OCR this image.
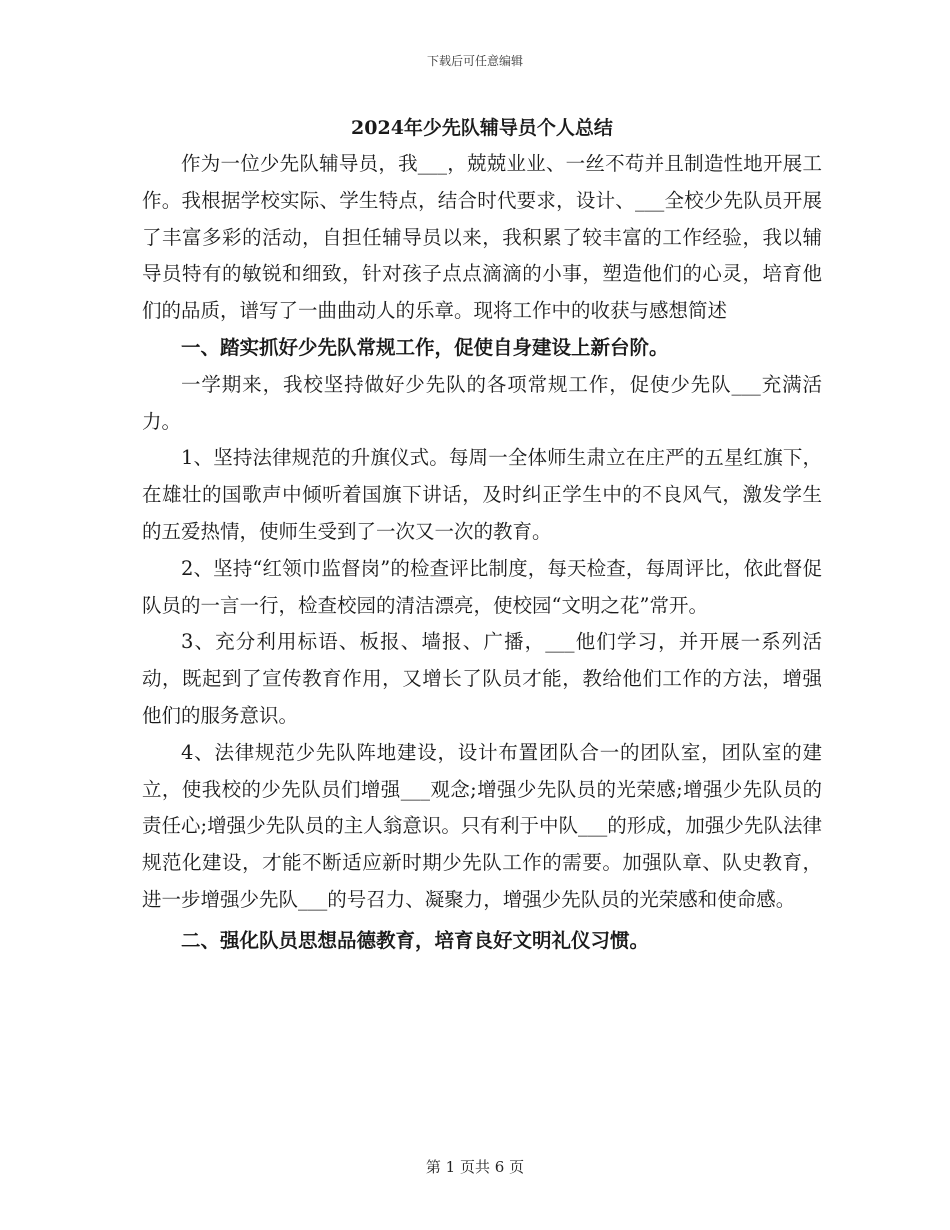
下载后可任意编辑
2024年少先队辅导员个人总结

作为一位少先队辅导员，我___，兢兢业业、一丝不苟并且制造性地开展工作。我根据学校实际、学生特点，结合时代要求，设计、___全校少先队员开展了丰富多彩的活动，自担任辅导员以来，我积累了较丰富的工作经验，我以辅导员特有的敏锐和细致，针对孩子点点滴滴的小事，塑造他们的心灵，培育他们的品质，谱写了一曲曲动人的乐章。现将工作中的收获与感想简述

一、踏实抓好少先队常规工作，促使自身建设上新台阶。

一学期来，我校坚持做好少先队的各项常规工作，促使少先队___充满活力。

1、坚持法律规范的升旗仪式。每周一全体师生肃立在庄严的五星红旗下，在雄壮的国歌声中倾听着国旗下讲话，及时纠正学生中的不良风气，激发学生的五爱热情，使师生受到了一次又一次的教育。

2、坚持“红领巾监督岗”的检查评比制度，每天检查，每周评比，依此督促队员的一言一行，检查校园的清洁漂亮，使校园“文明之花”常开。

3、充分利用标语、板报、墙报、广播，___他们学习，并开展一系列活动，既起到了宣传教育作用，又增长了队员才能，教给他们工作的方法，增强他们的服务意识。

4、法律规范少先队阵地建设，设计布置团队合一的团队室，团队室的建立，使我校的少先队员们增强___观念;增强少先队员的光荣感;增强少先队员的责任心;增强少先队员的主人翁意识。只有利于中队___的形成，加强少先队法律规范化建设，才能不断适应新时期少先队工作的需要。加强队章、队史教育，进一步增强少先队___的号召力、凝聚力，增强少先队员的光荣感和使命感。

二、强化队员思想品德教育，培育良好文明礼仪习惯。

第 1 页共 6 页
